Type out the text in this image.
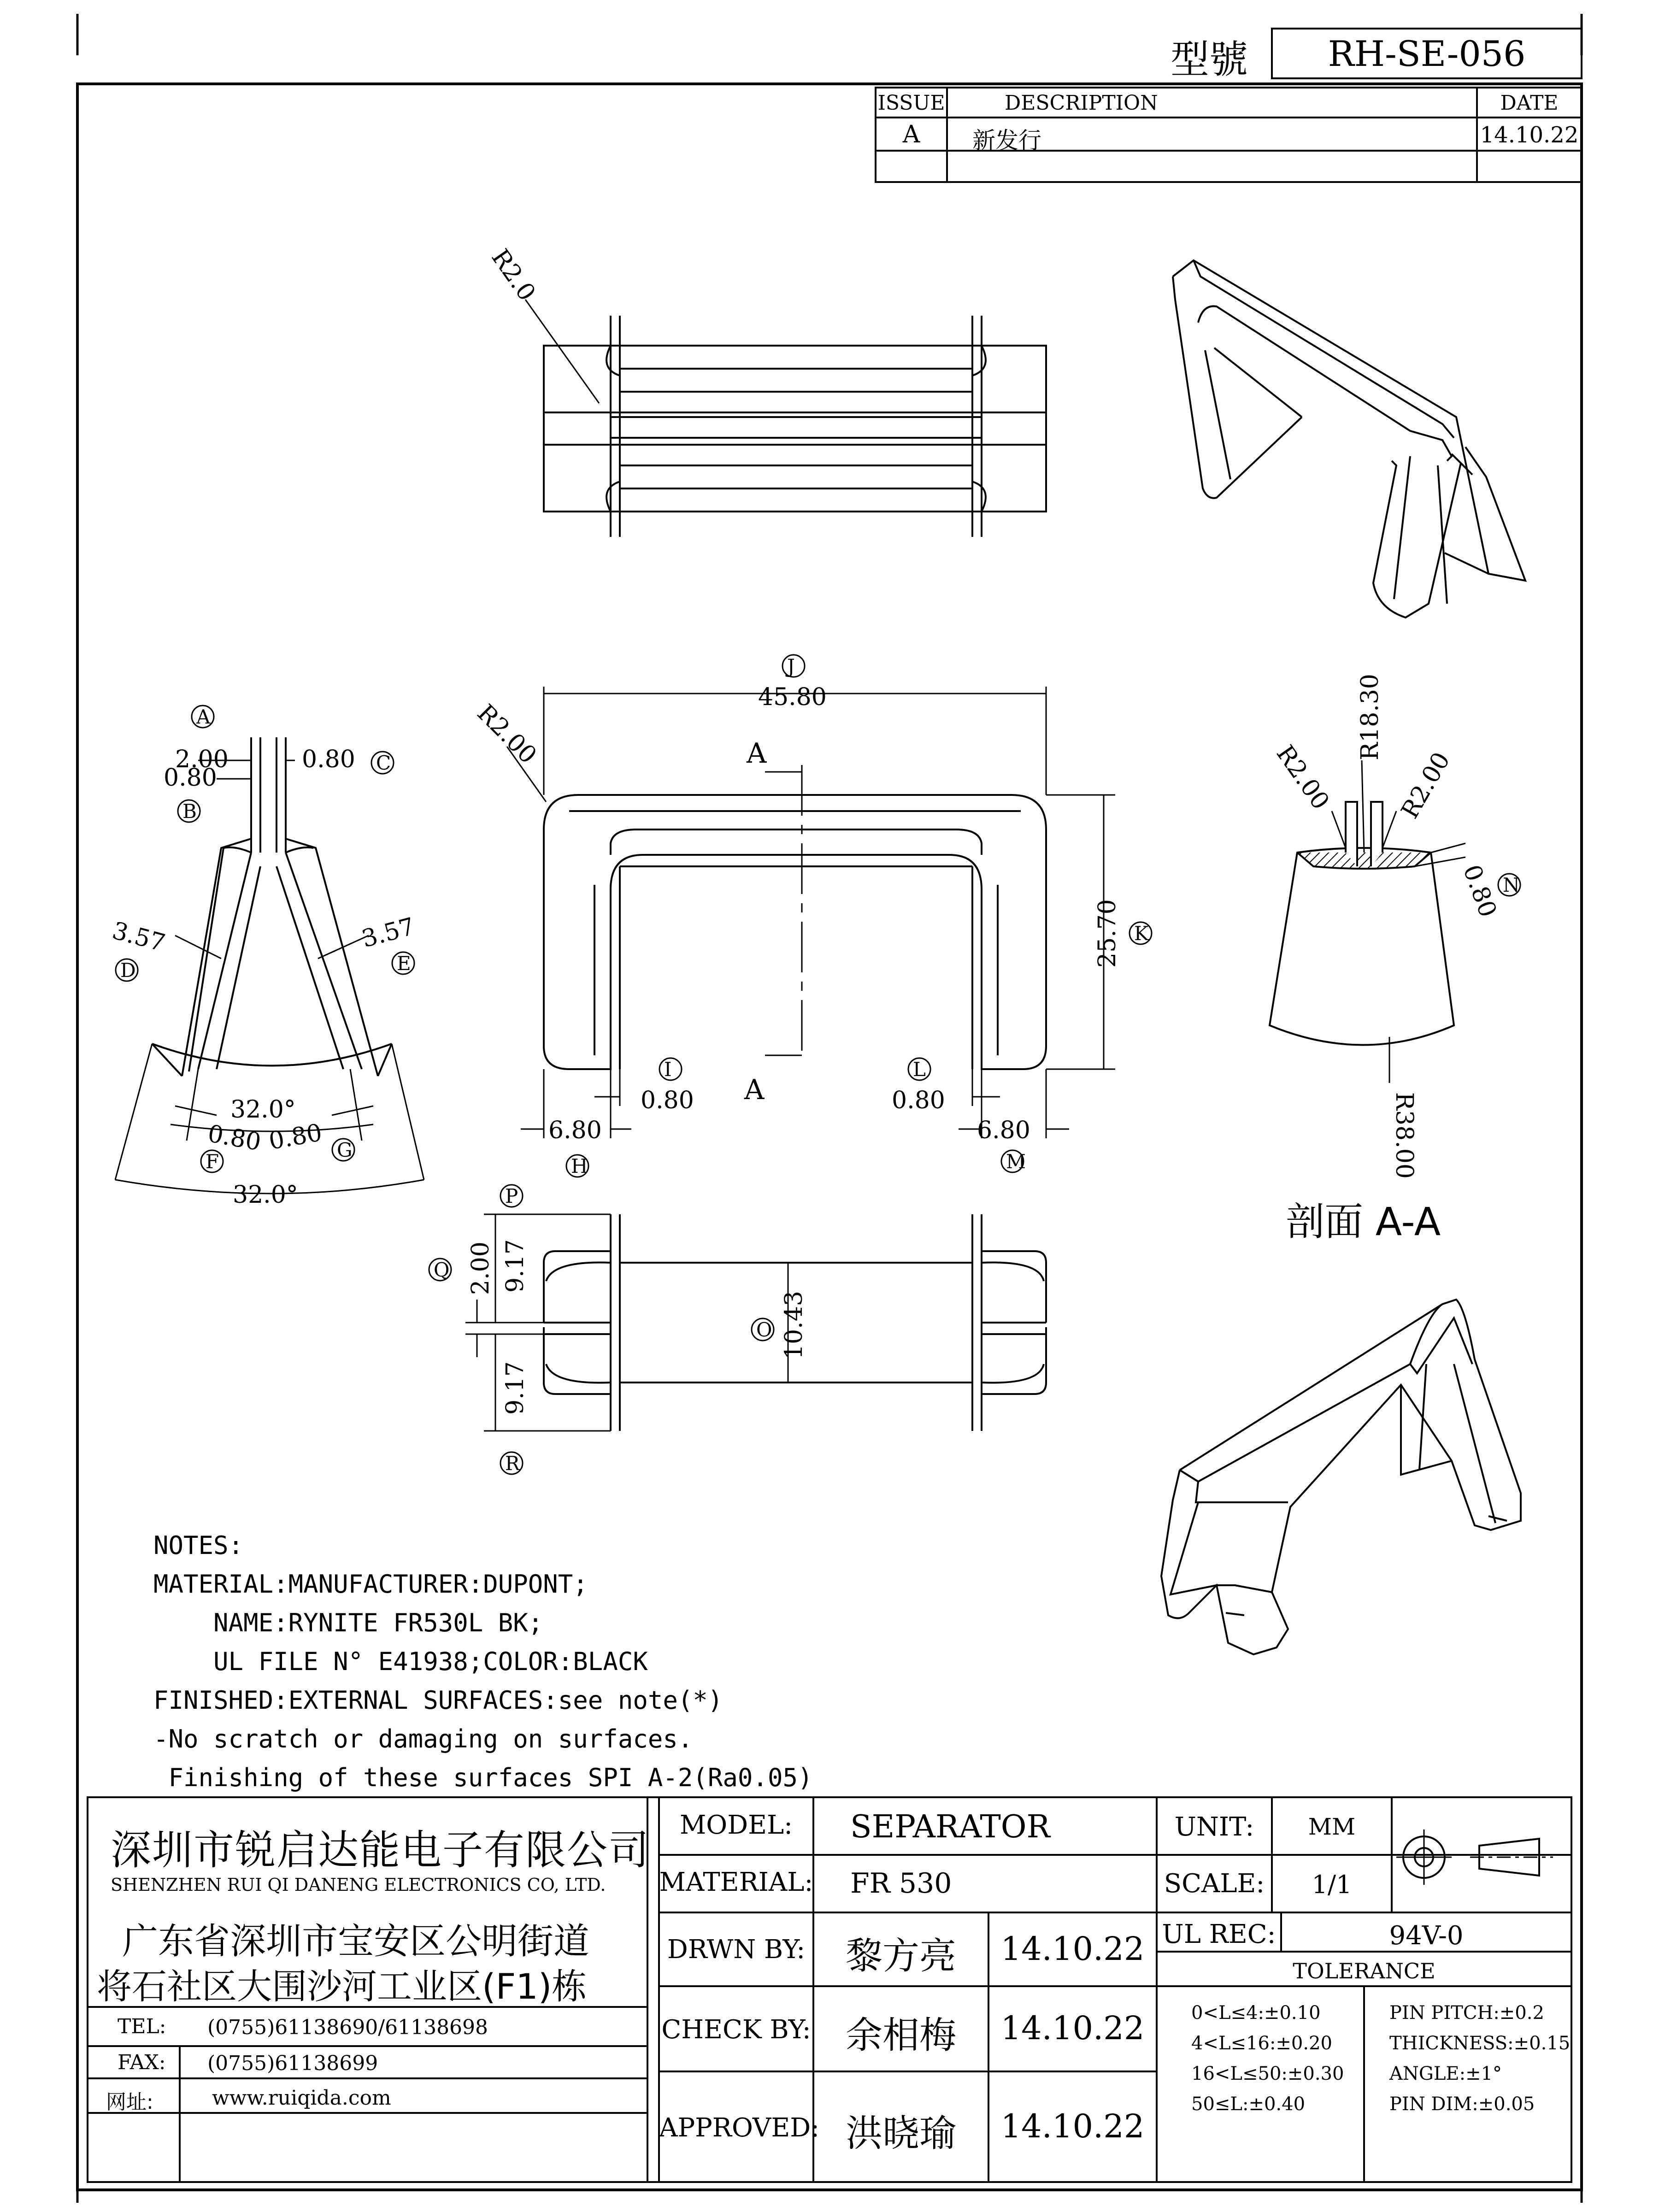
R2.0
45.80
25.70
R2.00
0.80	0.80
6.80	6.80
2.00
0.80
0.80
3.57	3.57
32.0°
0.80 0.80
32.0°
R18.30
R2.00	R2.00
0.80
R38.00
2.00 9.17
9.17
10.43
A
A
剖面 A-A
A
B
C
D	E
F
G
H
I
J
K
L
M
N
O
P
Q
R
型號	RH-SE-056
ISSUE	DESCRIPTION	DATE
A	新发行	14.10.22
NOTES:
MATERIAL:MANUFACTURER:DUPONT;
NAME:RYNITE FR530L BK;
UL FILE N° E41938;COLOR:BLACK
FINISHED:EXTERNAL SURFACES:see note(*)
-No scratch or damaging on surfaces.
Finishing of these surfaces SPI A-2(Ra0.05)
深圳市锐启达能电子有限公司
SHENZHEN RUI QI DANENG ELECTRONICS CO, LTD.
广东省深圳市宝安区公明街道
将石社区大围沙河工业区(F1)栋
TEL: (0755)61138690/61138698
FAX: (0755)61138699
网址:	www.ruiqida.com
MODEL:	SEPARATOR
MATERIAL: FR 530
DRWN BY:	黎方亮	14.10.22
CHECK BY: 余相梅	14.10.22
APPROVED: 洪晓瑜	14.10.22
UNIT:	MM
SCALE:	1/1
UL REC:	94V-0
TOLERANCE
0<L≤4:±0.10
4<L≤16:±0.20
16<L≤50:±0.30
50≤L:±0.40
PIN PITCH:±0.2
THICKNESS:±0.15
ANGLE:±1°
PIN DIM:±0.05
